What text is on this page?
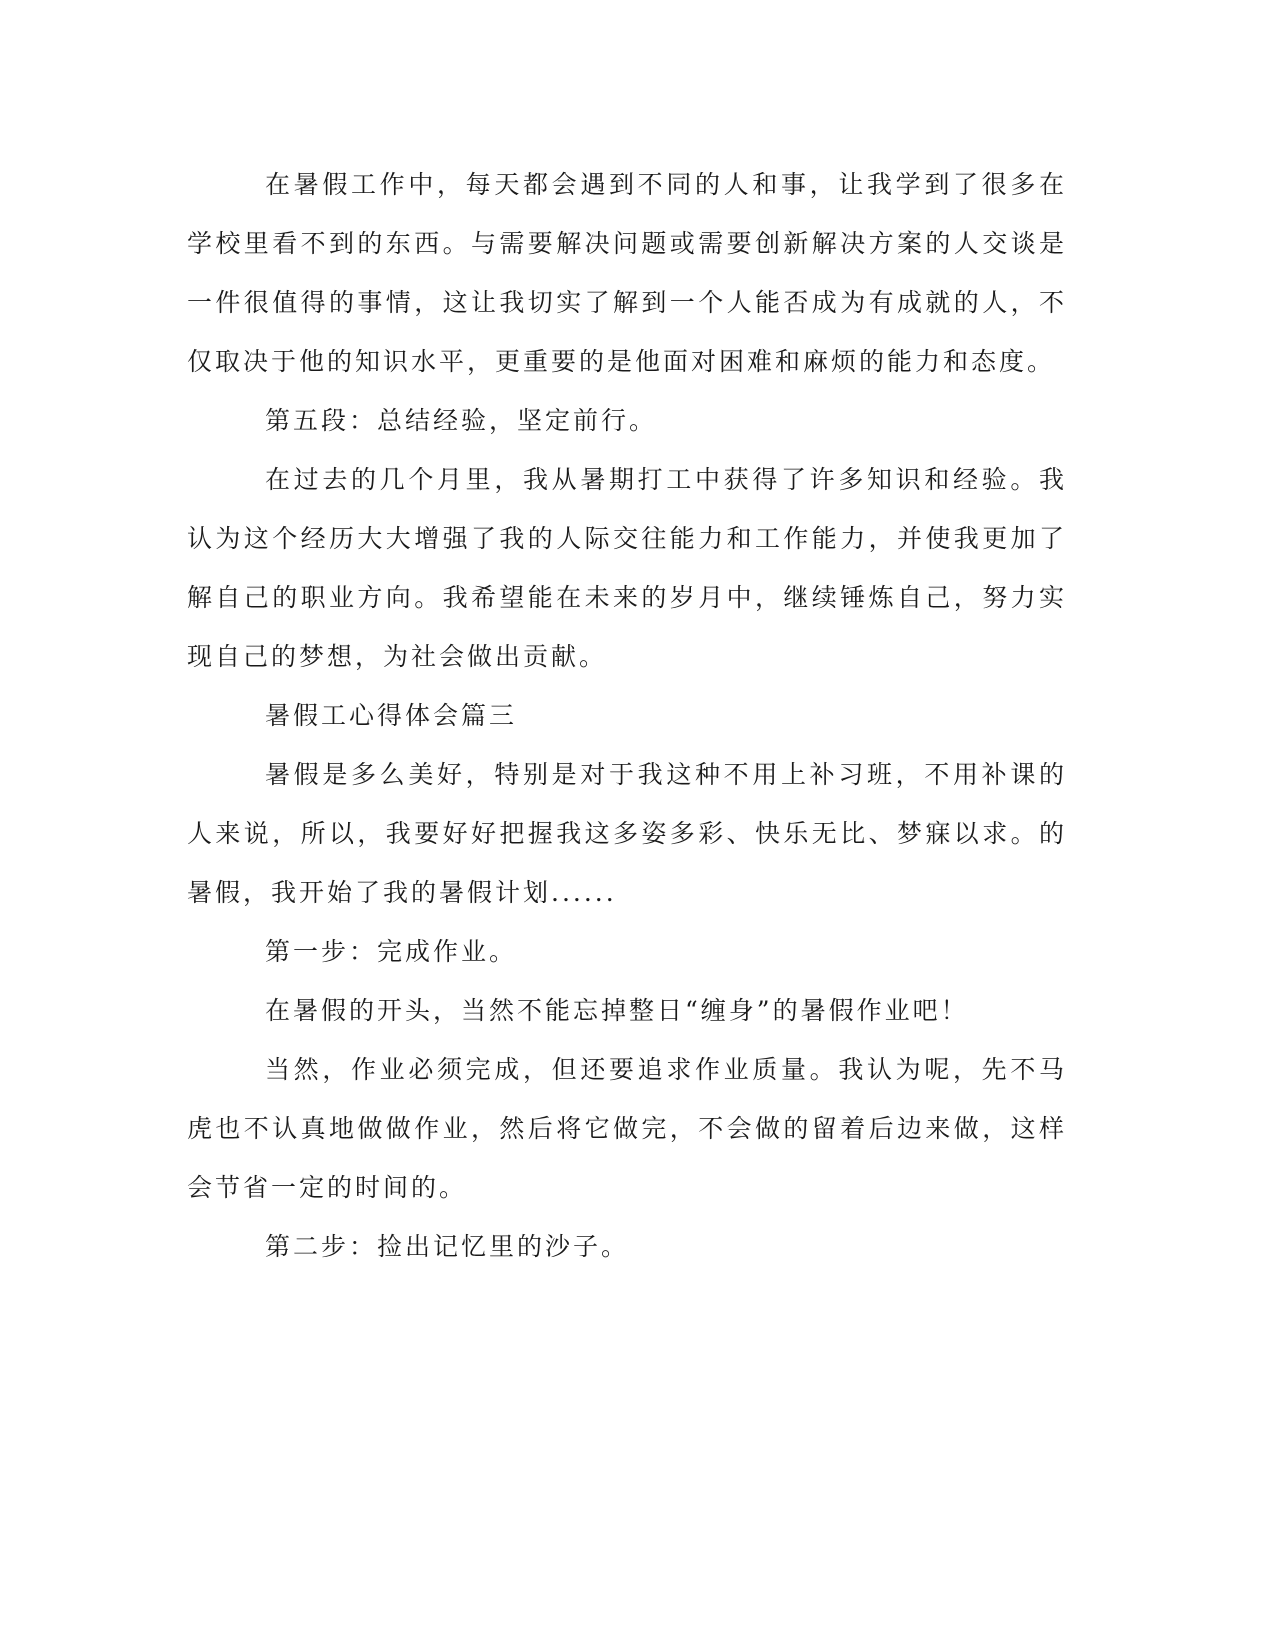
在暑假工作中，每天都会遇到不同的人和事，让我学到了很多在学校里看不到的东西。与需要解决问题或需要创新解决方案的人交谈是一件很值得的事情，这让我切实了解到一个人能否成为有成就的人，不仅取决于他的知识水平，更重要的是他面对困难和麻烦的能力和态度。

第五段：总结经验，坚定前行。

在过去的几个月里，我从暑期打工中获得了许多知识和经验。我认为这个经历大大增强了我的人际交往能力和工作能力，并使我更加了解自己的职业方向。我希望能在未来的岁月中，继续锤炼自己，努力实现自己的梦想，为社会做出贡献。

暑假工心得体会篇三

暑假是多么美好，特别是对于我这种不用上补习班，不用补课的人来说，所以，我要好好把握我这多姿多彩、快乐无比、梦寐以求。的暑假，我开始了我的暑假计划......

第一步：完成作业。

在暑假的开头，当然不能忘掉整日“缠身”的暑假作业吧！

当然，作业必须完成，但还要追求作业质量。我认为呢，先不马虎也不认真地做做作业，然后将它做完，不会做的留着后边来做，这样会节省一定的时间的。

第二步：捡出记忆里的沙子。
